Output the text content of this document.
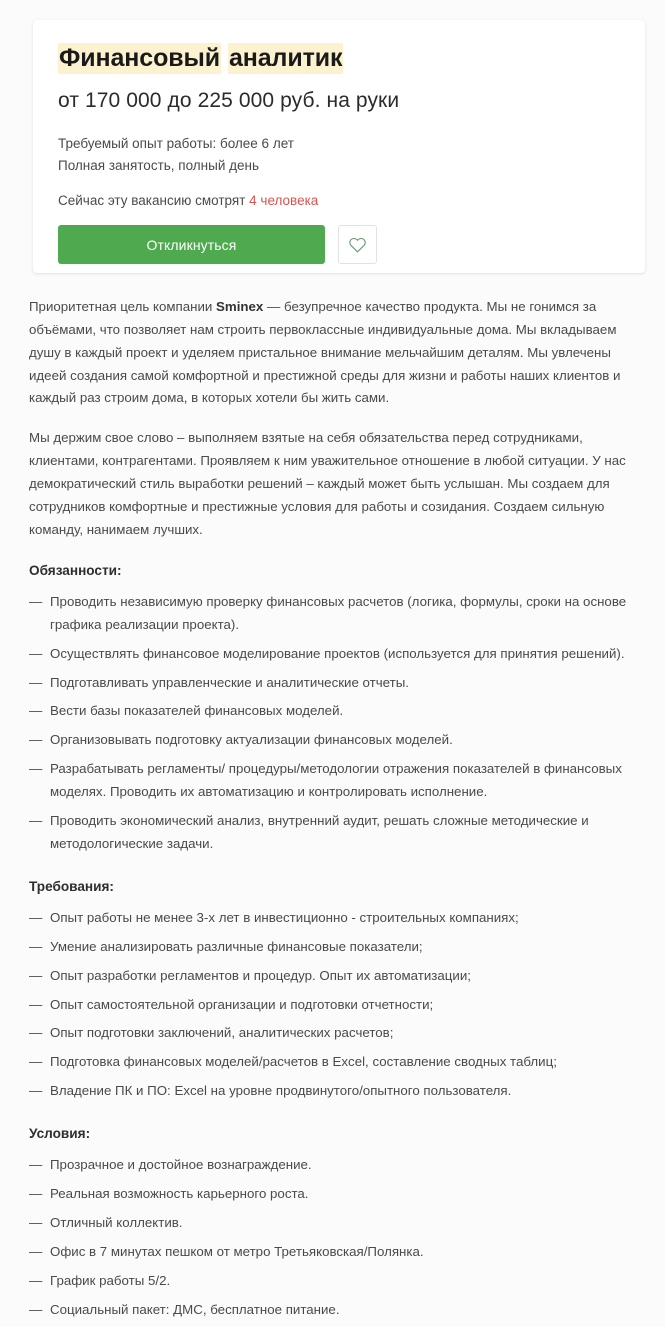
Финансовый аналитик
от 170 000 до 225 000 руб. на руки
Требуемый опыт работы: более 6 лет
Полная занятость, полный день
Сейчас эту вакансию смотрят 4 человека
Откликнуться

Приоритетная цель компании Sminex — безупречное качество продукта. Мы не гонимся за объёмами, что позволяет нам строить первоклассные индивидуальные дома. Мы вкладываем душу в каждый проект и уделяем пристальное внимание мельчайшим деталям. Мы увлечены идеей создания самой комфортной и престижной среды для жизни и работы наших клиентов и каждый раз строим дома, в которых хотели бы жить сами.

Мы держим свое слово – выполняем взятые на себя обязательства перед сотрудниками, клиентами, контрагентами. Проявляем к ним уважительное отношение в любой ситуации. У нас демократический стиль выработки решений – каждый может быть услышан. Мы создаем для сотрудников комфортные и престижные условия для работы и созидания. Создаем сильную команду, нанимаем лучших.

Обязанности:
— Проводить независимую проверку финансовых расчетов (логика, формулы, сроки на основе графика реализации проекта).
— Осуществлять финансовое моделирование проектов (используется для принятия решений).
— Подготавливать управленческие и аналитические отчеты.
— Вести базы показателей финансовых моделей.
— Организовывать подготовку актуализации финансовых моделей.
— Разрабатывать регламенты/ процедуры/методологии отражения показателей в финансовых моделях. Проводить их автоматизацию и контролировать исполнение.
— Проводить экономический анализ, внутренний аудит, решать сложные методические и методологические задачи.
Требования:
— Опыт работы не менее 3-х лет в инвестиционно - строительных компаниях;
— Умение анализировать различные финансовые показатели;
— Опыт разработки регламентов и процедур. Опыт их автоматизации;
— Опыт самостоятельной организации и подготовки отчетности;
— Опыт подготовки заключений, аналитических расчетов;
— Подготовка финансовых моделей/расчетов в Excel, составление сводных таблиц;
— Владение ПК и ПО: Excel на уровне продвинутого/опытного пользователя.
Условия:
— Прозрачное и достойное вознаграждение.
— Реальная возможность карьерного роста.
— Отличный коллектив.
— Офис в 7 минутах пешком от метро Третьяковская/Полянка.
— График работы 5/2.
— Социальный пакет: ДМС, бесплатное питание.
